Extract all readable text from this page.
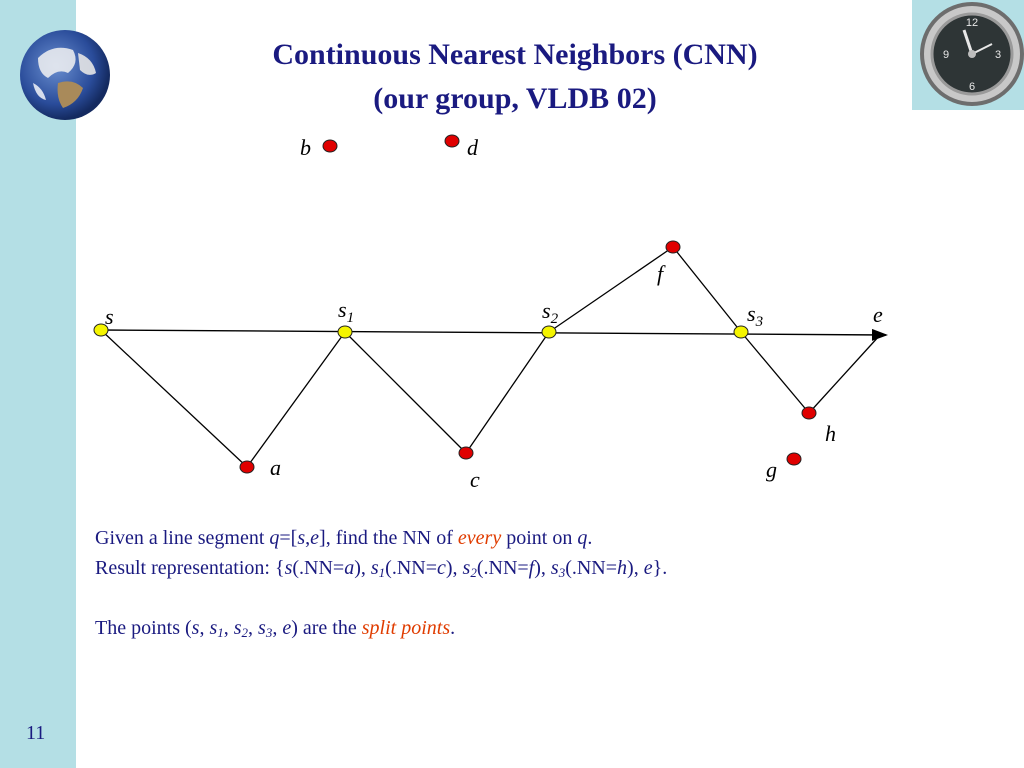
12
3
6
9
Continuous Nearest Neighbors (CNN)
(our group, VLDB 02)
s	$s_1$	$s_2$	$s_3$	e
a
b
c
d
f
g
h
Given a line segment q=[s,e], find the NN of every point on q.
Result representation: {s(.NN=a), $s_1(.NN=c)$, $s_2(.NN=f)$, $s_3(.NN=h)$, e}.
The points (s, $s_1$, $s_2$, $s_3$, e) are the split points.
11
